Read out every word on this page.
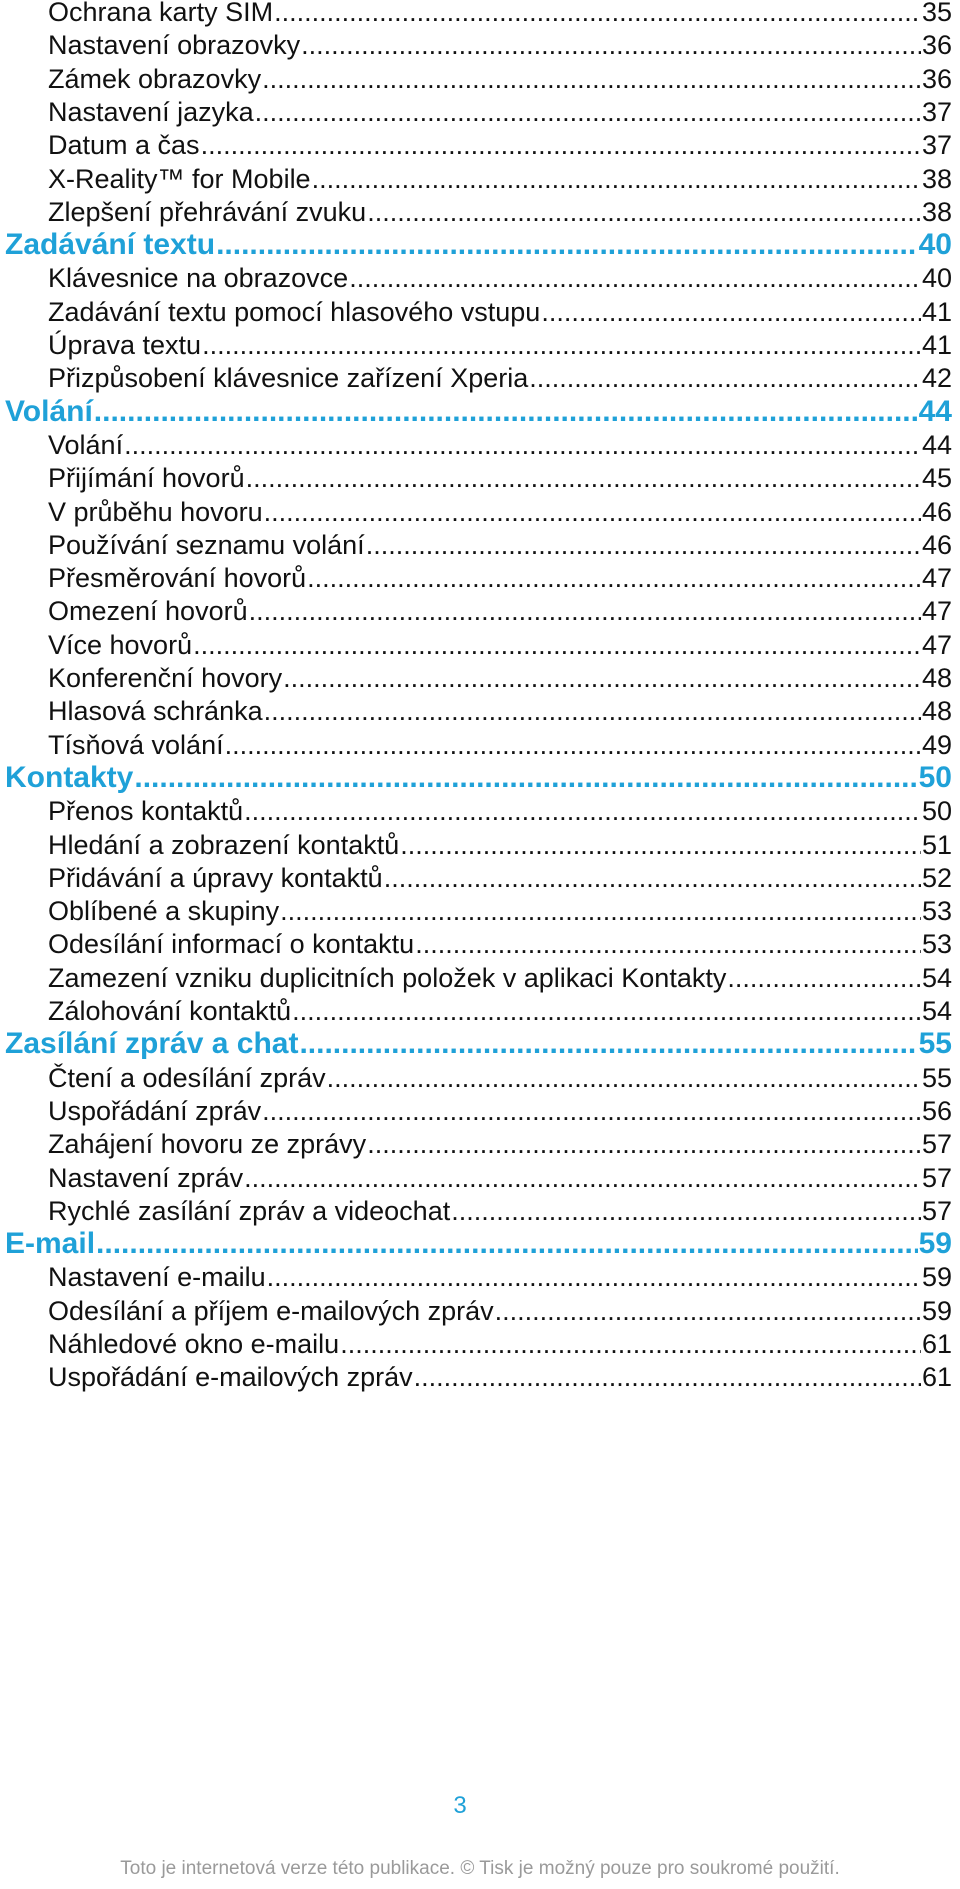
Ochrana karty SIM .....	35
Nastavení obrazovky .....	36
Zámek obrazovky .....	36
Nastavení jazyka .....	37
Datum a čas .....	37
X-Reality™ for Mobile .....	38
Zlepšení přehrávání zvuku .....	38
Zadávání textu .....	40
Klávesnice na obrazovce .....	40
Zadávání textu pomocí hlasového vstupu .....	41
Úprava textu .....	41
Přizpůsobení klávesnice zařízení Xperia .....	42
Volání .....	44
Volání .....	44
Přijímání hovorů .....	45
V průběhu hovoru .....	46
Používání seznamu volání .....	46
Přesměrování hovorů .....	47
Omezení hovorů .....	47
Více hovorů .....	47
Konferenční hovory .....	48
Hlasová schránka .....	48
Tísňová volání .....	49
Kontakty .....	50
Přenos kontaktů .....	50
Hledání a zobrazení kontaktů .....	51
Přidávání a úpravy kontaktů .....	52
Oblíbené a skupiny .....	53
Odesílání informací o kontaktu .....	53
Zamezení vzniku duplicitních položek v aplikaci Kontakty .....	54
Zálohování kontaktů .....	54
Zasílání zpráv a chat .....	55
Čtení a odesílání zpráv .....	55
Uspořádání zpráv .....	56
Zahájení hovoru ze zprávy .....	57
Nastavení zpráv .....	57
Rychlé zasílání zpráv a videochat .....	57
E-mail .....	59
Nastavení e-mailu .....	59
Odesílání a příjem e-mailových zpráv .....	59
Náhledové okno e-mailu .....	61
Uspořádání e-mailových zpráv .....	61
3
Toto je internetová verze této publikace. © Tisk je možný pouze pro soukromé použití.
